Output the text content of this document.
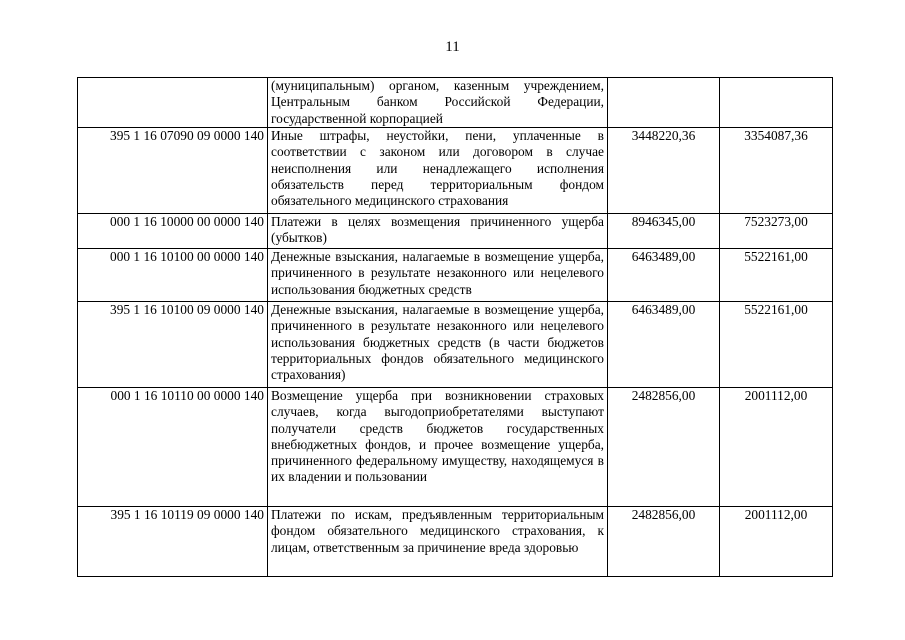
11
	(муниципальным) органом, казенным учреждением, Центральным банком Российской Федерации, государственной корпорацией		
395 1 16 07090 09 0000 140	Иные штрафы, неустойки, пени, уплаченные в соответствии с законом или договором в случае неисполнения или ненадлежащего исполнения обязательств перед территориальным фондом обязательного медицинского страхования	3448220,36	3354087,36
000 1 16 10000 00 0000 140	Платежи в целях возмещения причиненного ущерба (убытков)	8946345,00	7523273,00
000 1 16 10100 00 0000 140	Денежные взыскания, налагаемые в возмещение ущерба, причиненного в результате незаконного или нецелевого использования бюджетных средств	6463489,00	5522161,00
395 1 16 10100 09 0000 140	Денежные взыскания, налагаемые в возмещение ущерба, причиненного в результате незаконного или нецелевого использования бюджетных средств (в части бюджетов территориальных фондов обязательного медицинского страхования)	6463489,00	5522161,00
000 1 16 10110 00 0000 140	Возмещение ущерба при возникновении страховых случаев, когда выгодоприобретателями выступают получатели средств бюджетов государственных внебюджетных фондов, и прочее возмещение ущерба, причиненного федеральному имуществу, находящемуся в их владении и пользовании	2482856,00	2001112,00
395 1 16 10119 09 0000 140	Платежи по искам, предъявленным территориальным фондом обязательного медицинского страхования, к лицам, ответственным за причинение вреда здоровью	2482856,00	2001112,00
